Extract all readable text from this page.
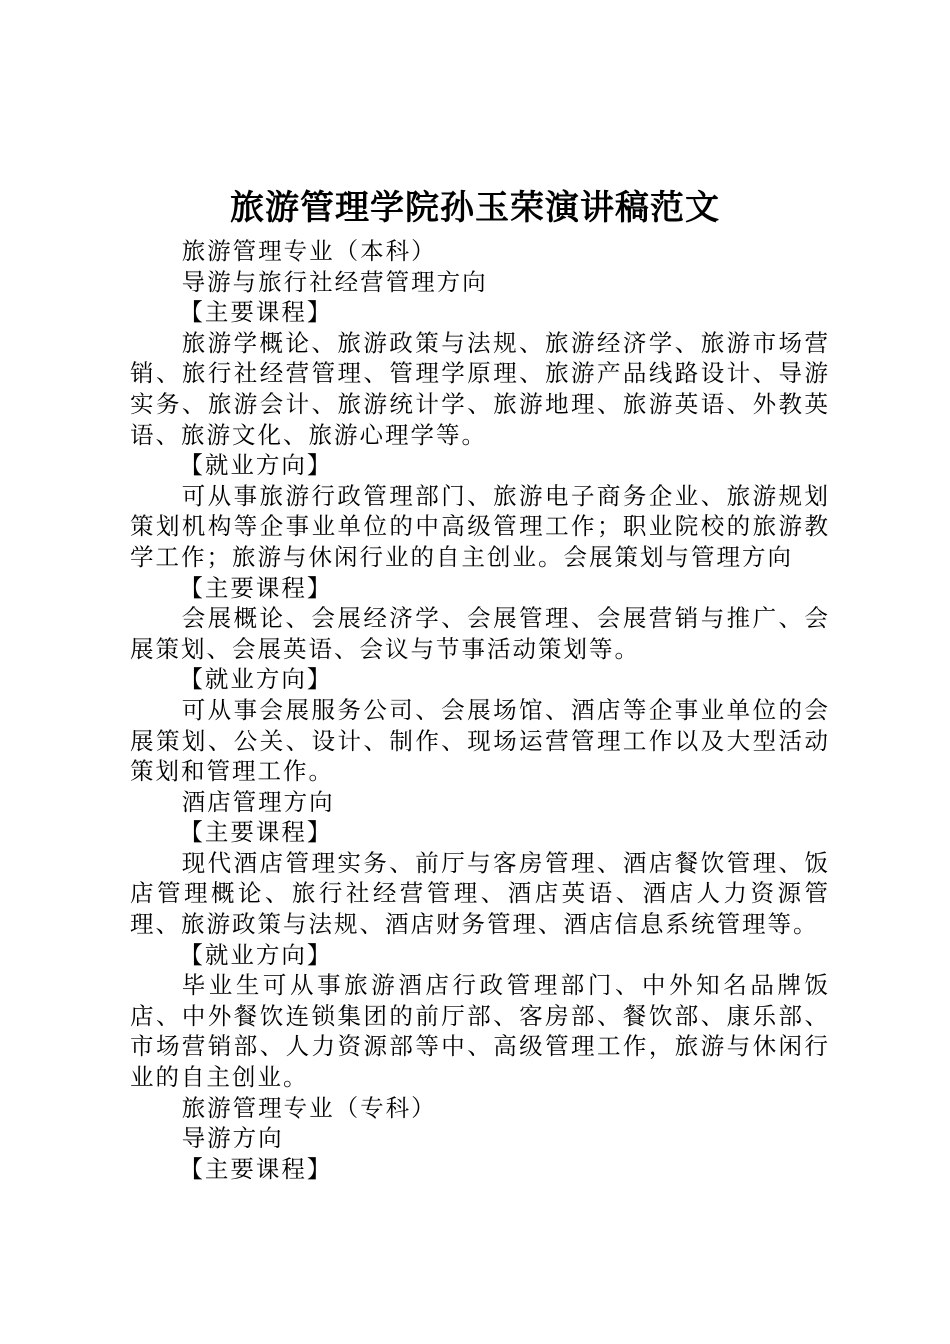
旅游管理学院孙玉荣演讲稿范文

旅游管理专业（本科）

导游与旅行社经营管理方向

【主要课程】

旅游学概论、旅游政策与法规、旅游经济学、旅游市场营销、旅行社经营管理、管理学原理、旅游产品线路设计、导游实务、旅游会计、旅游统计学、旅游地理、旅游英语、外教英语、旅游文化、旅游心理学等。

【就业方向】

可从事旅游行政管理部门、旅游电子商务企业、旅游规划策划机构等企事业单位的中高级管理工作；职业院校的旅游教学工作；旅游与休闲行业的自主创业。会展策划与管理方向

【主要课程】

会展概论、会展经济学、会展管理、会展营销与推广、会展策划、会展英语、会议与节事活动策划等。

【就业方向】

可从事会展服务公司、会展场馆、酒店等企事业单位的会展策划、公关、设计、制作、现场运营管理工作以及大型活动策划和管理工作。

酒店管理方向

【主要课程】

现代酒店管理实务、前厅与客房管理、酒店餐饮管理、饭店管理概论、旅行社经营管理、酒店英语、酒店人力资源管理、旅游政策与法规、酒店财务管理、酒店信息系统管理等。

【就业方向】

毕业生可从事旅游酒店行政管理部门、中外知名品牌饭店、中外餐饮连锁集团的前厅部、客房部、餐饮部、康乐部、市场营销部、人力资源部等中、高级管理工作，旅游与休闲行业的自主创业。

旅游管理专业（专科）

导游方向

【主要课程】
